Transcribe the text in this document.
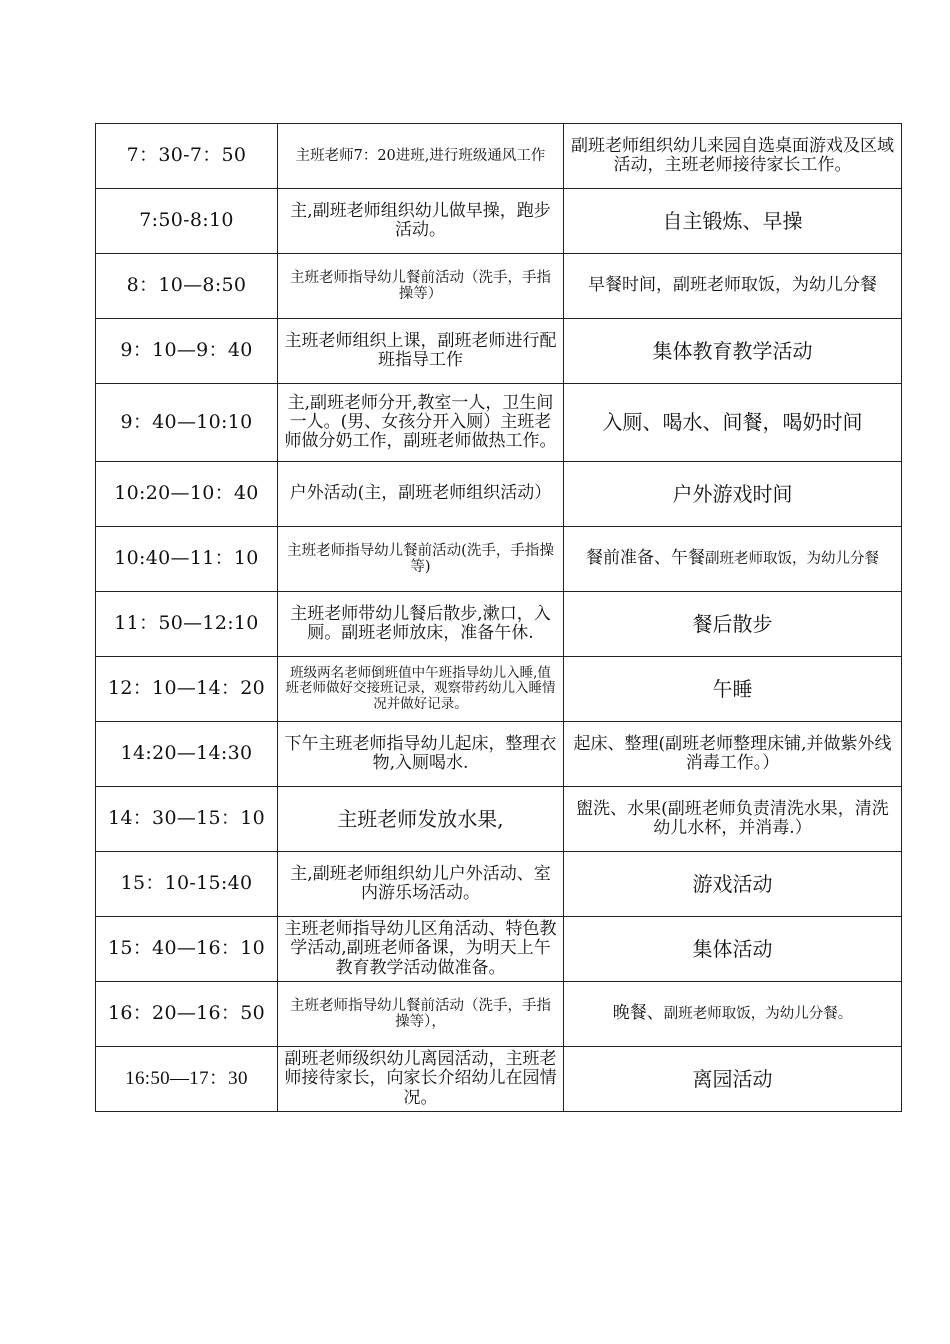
7：30-7：50	主班老师7：20进班,进行班级通风工作	副班老师组织幼儿来园自选桌面游戏及区域活动，主班老师接待家长工作。
7:50-8:10	主,副班老师组织幼儿做早操，跑步活动。	自主锻炼、早操
8：10—8:50	主班老师指导幼儿餐前活动（洗手，手指操等）	早餐时间，副班老师取饭，为幼儿分餐
9：10—9：40	主班老师组织上课，副班老师进行配班指导工作	集体教育教学活动
9：40—10:10	主,副班老师分开,教室一人，卫生间一人。(男、女孩分开入厕）主班老师做分奶工作，副班老师做热工作。	入厕、喝水、间餐，喝奶时间
10:20—10：40	户外活动(主，副班老师组织活动）	户外游戏时间
10:40—11：10	主班老师指导幼儿餐前活动(洗手，手指操等)	餐前准备、午餐副班老师取饭，为幼儿分餐
11：50—12:10	主班老师带幼儿餐后散步,漱口，入厕。副班老师放床，准备午休.	餐后散步
12：10—14：20	班级两名老师倒班值中午班指导幼儿入睡,值班老师做好交接班记录，观察带药幼儿入睡情况并做好记录。	午睡
14:20—14:30	下午主班老师指导幼儿起床，整理衣物,入厕喝水.	起床、整理(副班老师整理床铺,并做紫外线消毒工作。）
14：30—15：10	主班老师发放水果,	盥洗、水果(副班老师负责清洗水果，清洗幼儿水杯，并消毒.）
15：10-15:40	主,副班老师组织幼儿户外活动、室内游乐场活动。	游戏活动
15：40—16：10	主班老师指导幼儿区角活动、特色教学活动,副班老师备课，为明天上午教育教学活动做准备。	集体活动
16：20—16：50	主班老师指导幼儿餐前活动（洗手，手指操等），	晚餐、副班老师取饭，为幼儿分餐。
16:50—17：30	副班老师级织幼儿离园活动，主班老师接待家长，向家长介绍幼儿在园情况。	离园活动
